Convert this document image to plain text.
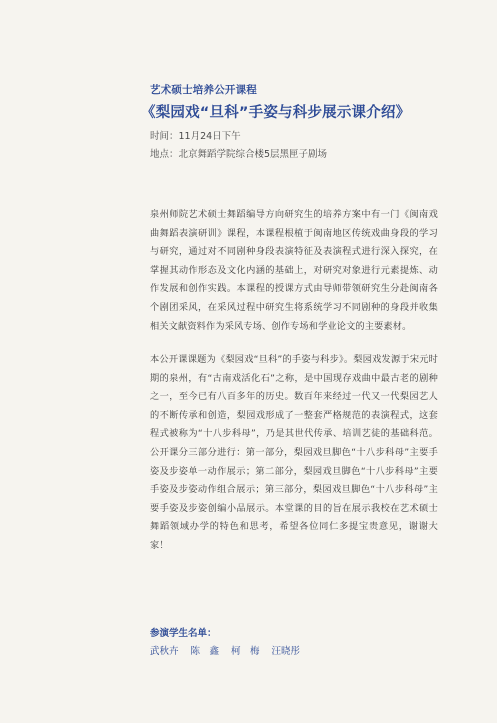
艺术硕士培养公开课程
《梨园戏“旦科”手姿与科步展示课介绍》
时间：11月24日下午
地点：北京舞蹈学院综合楼5层黑匣子剧场
泉州师院艺术硕士舞蹈编导方向研究生的培养方案中有一门《闽南戏曲舞蹈表演研训》课程，本课程根植于闽南地区传统戏曲身段的学习与研究，通过对不同剧种身段表演特征及表演程式进行深入探究，在掌握其动作形态及文化内涵的基础上，对研究对象进行元素提炼、动作发展和创作实践。本课程的授课方式由导师带领研究生分赴闽南各个剧团采风，在采风过程中研究生将系统学习不同剧种的身段并收集相关文献资料作为采风专场、创作专场和学业论文的主要素材。
本公开课课题为《梨园戏“旦科”的手姿与科步》。梨园戏发源于宋元时期的泉州，有“古南戏活化石”之称，是中国现存戏曲中最古老的剧种之一，至今已有八百多年的历史。数百年来经过一代又一代梨园艺人的不断传承和创造，梨园戏形成了一整套严格规范的表演程式，这套程式被称为“十八步科母”，乃是其世代传承、培训艺徒的基础科范。公开课分三部分进行：第一部分，梨园戏旦脚色“十八步科母”主要手姿及步姿单一动作展示；第二部分，梨园戏旦脚色“十八步科母”主要手姿及步姿动作组合展示；第三部分，梨园戏旦脚色“十八步科母”主要手姿及步姿创编小品展示。本堂课的目的旨在展示我校在艺术硕士舞蹈领域办学的特色和思考，希望各位同仁多提宝贵意见，谢谢大家！
参演学生名单：
武秋卉 陈　鑫 柯　梅 汪晓彤
